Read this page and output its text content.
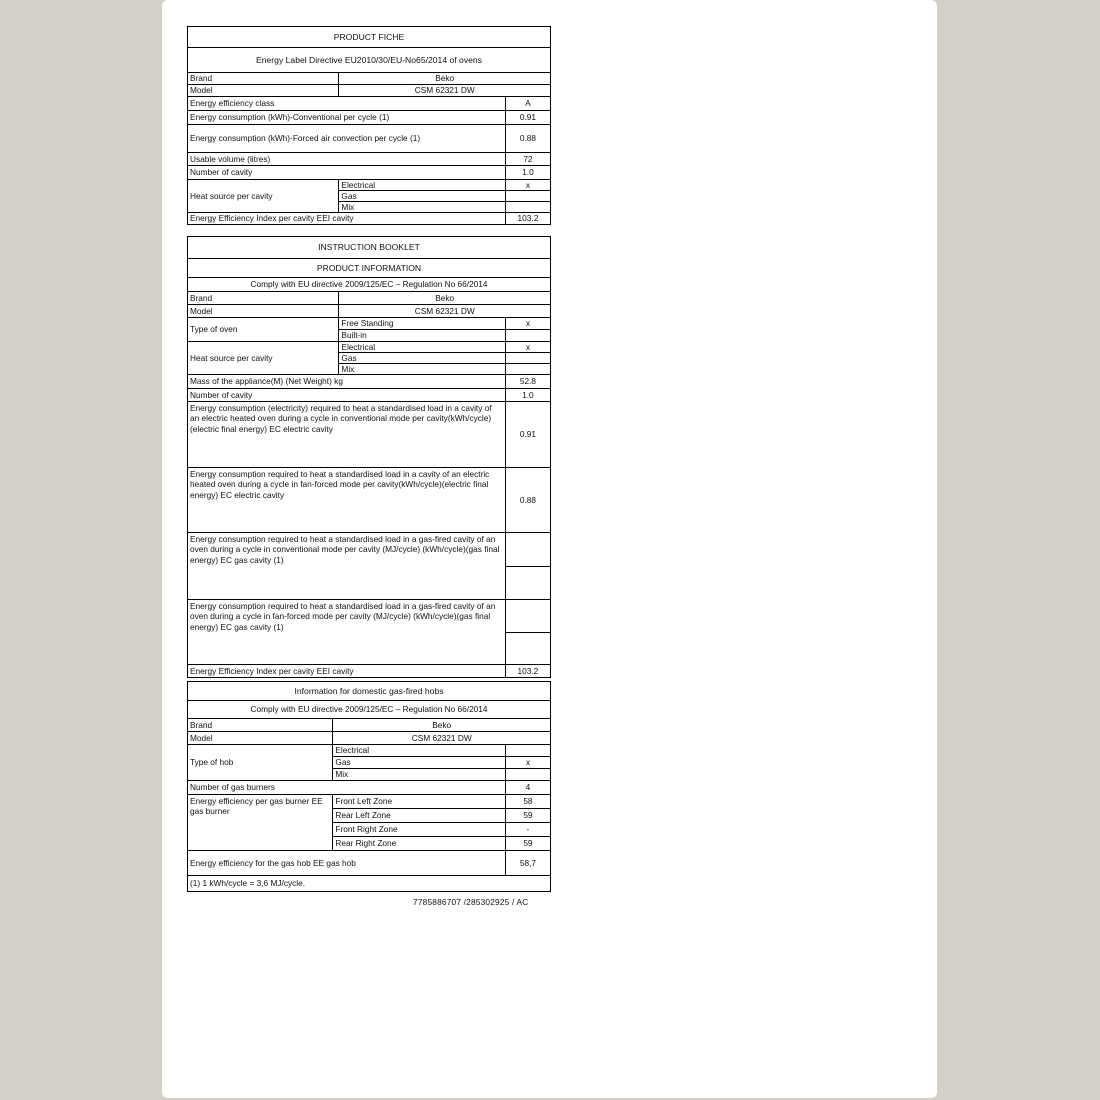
PRODUCT FICHE		
Energy Label Directive EU2010/30/EU-No65/2014 of ovens		
Brand	Beko	
Model	CSM 62321 DW	
Energy efficiency class		A
Energy consumption (kWh)-Conventional per cycle (1)		0.91
Energy consumption (kWh)-Forced air convection per cycle (1)		0.88
Usable volume (litres)		72
Number of cavity		1.0
Heat source per cavity	Electrical	x
	Gas	
	Mix	
Energy Efficiency Index per cavity EEI cavity		103.2
INSTRUCTION BOOKLET		
PRODUCT INFORMATION		
Comply with EU directive 2009/125/EC – Regulation No 66/2014		
Brand	Beko	
Model	CSM 62321 DW	
Type of oven	Free Standing	x
	Built-in	
Heat source per cavity	Electrical	x
	Gas	
	Mix	
Mass of the appliance(M) (Net Weight) kg		52.8
Number of cavity		1.0
Energy consumption (electricity) required to heat a standardised load in a cavity of an electric heated oven during a cycle in conventional mode per cavity(kWh/cycle)(electric final energy) EC electric cavity		0.91
Energy consumption required to heat a standardised load in a cavity of an electric heated oven during a cycle in fan-forced mode per cavity(kWh/cycle)(electric final energy) EC electric cavity		0.88
Energy consumption required to heat a standardised load in a gas-fired cavity of an oven during a cycle in conventional mode per cavity (MJ/cycle) (kWh/cycle)(gas final energy) EC gas cavity (1)		

Energy consumption required to heat a standardised load in a gas-fired cavity of an oven during a cycle in fan-forced mode per cavity (MJ/cycle) (kWh/cycle)(gas final energy) EC gas cavity (1)		

Energy Efficiency Index per cavity EEI cavity		103.2
Information for domestic gas-fired hobs		
Comply with EU directive 2009/125/EC – Regulation No 66/2014		
Brand	Beko	
Model	CSM 62321 DW	
Type of hob	Electrical	
	Gas	x
	Mix	
Number of gas burners		4
Energy efficiency per gas burner EE gas burner	Front Left Zone	58
	Rear Left Zone	59
	Front Right Zone	-
	Rear Right Zone	59
Energy efficiency for the gas hob EE gas hob		58,7
(1) 1 kWh/cycle = 3,6 MJ/cycle.		
7785886707 /285302925 / AC
